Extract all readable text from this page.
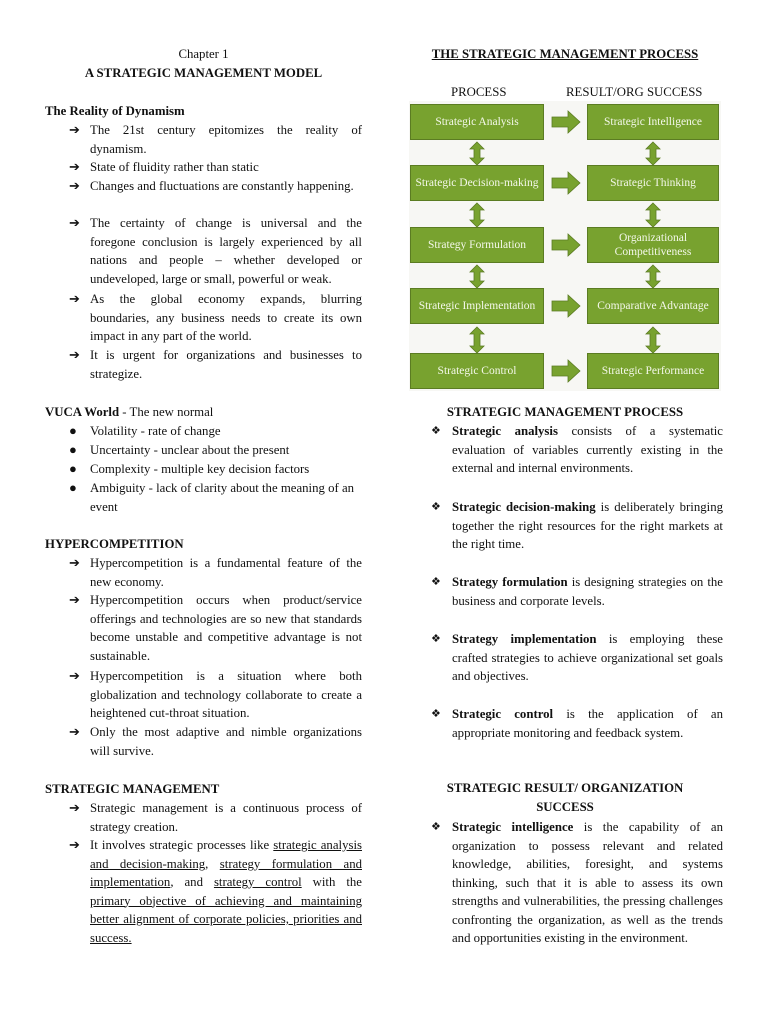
Chapter 1
A STRATEGIC MANAGEMENT MODEL
The Reality of Dynamism
➔ The 21st century epitomizes the reality of dynamism.
➔ State of fluidity rather than static
➔ Changes and fluctuations are constantly happening.
➔ The certainty of change is universal and the foregone conclusion is largely experienced by all nations and people – whether developed or undeveloped, large or small, powerful or weak.
➔ As the global economy expands, blurring boundaries, any business needs to create its own impact in any part of the world.
➔ It is urgent for organizations and businesses to strategize.
VUCA World - The new normal
● Volatility - rate of change
● Uncertainty - unclear about the present
● Complexity - multiple key decision factors
● Ambiguity - lack of clarity about the meaning of an event
HYPERCOMPETITION
➔ Hypercompetition is a fundamental feature of the new economy.
➔ Hypercompetition occurs when product/service offerings and technologies are so new that standards become unstable and competitive advantage is not sustainable.
➔ Hypercompetition is a situation where both globalization and technology collaborate to create a heightened cut-throat situation.
➔ Only the most adaptive and nimble organizations will survive.
STRATEGIC MANAGEMENT
➔ Strategic management is a continuous process of strategy creation.
➔ It involves strategic processes like strategic analysis and decision-making, strategy formulation and implementation, and strategy control with the primary objective of achieving and maintaining better alignment of corporate policies, priorities and success.
THE STRATEGIC MANAGEMENT PROCESS
PROCESS	RESULT/ORG SUCCESS
Strategic Analysis
Strategic Decision-making
Strategy Formulation
Strategic Implementation
Strategic Control
Strategic Intelligence
Strategic Thinking
Organizational Competitiveness
Comparative Advantage
Strategic Performance
STRATEGIC MANAGEMENT PROCESS
❖ Strategic analysis consists of a systematic evaluation of variables currently existing in the external and internal environments.
❖ Strategic decision-making is deliberately bringing together the right resources for the right markets at the right time.
❖ Strategy formulation is designing strategies on the business and corporate levels.
❖ Strategy implementation is employing these crafted strategies to achieve organizational set goals and objectives.
❖ Strategic control is the application of an appropriate monitoring and feedback system.
STRATEGIC RESULT/ ORGANIZATION
SUCCESS
❖ Strategic intelligence is the capability of an organization to possess relevant and related knowledge, abilities, foresight, and systems thinking, such that it is able to assess its own strengths and vulnerabilities, the pressing challenges confronting the organization, as well as the trends and opportunities existing in the environment.
